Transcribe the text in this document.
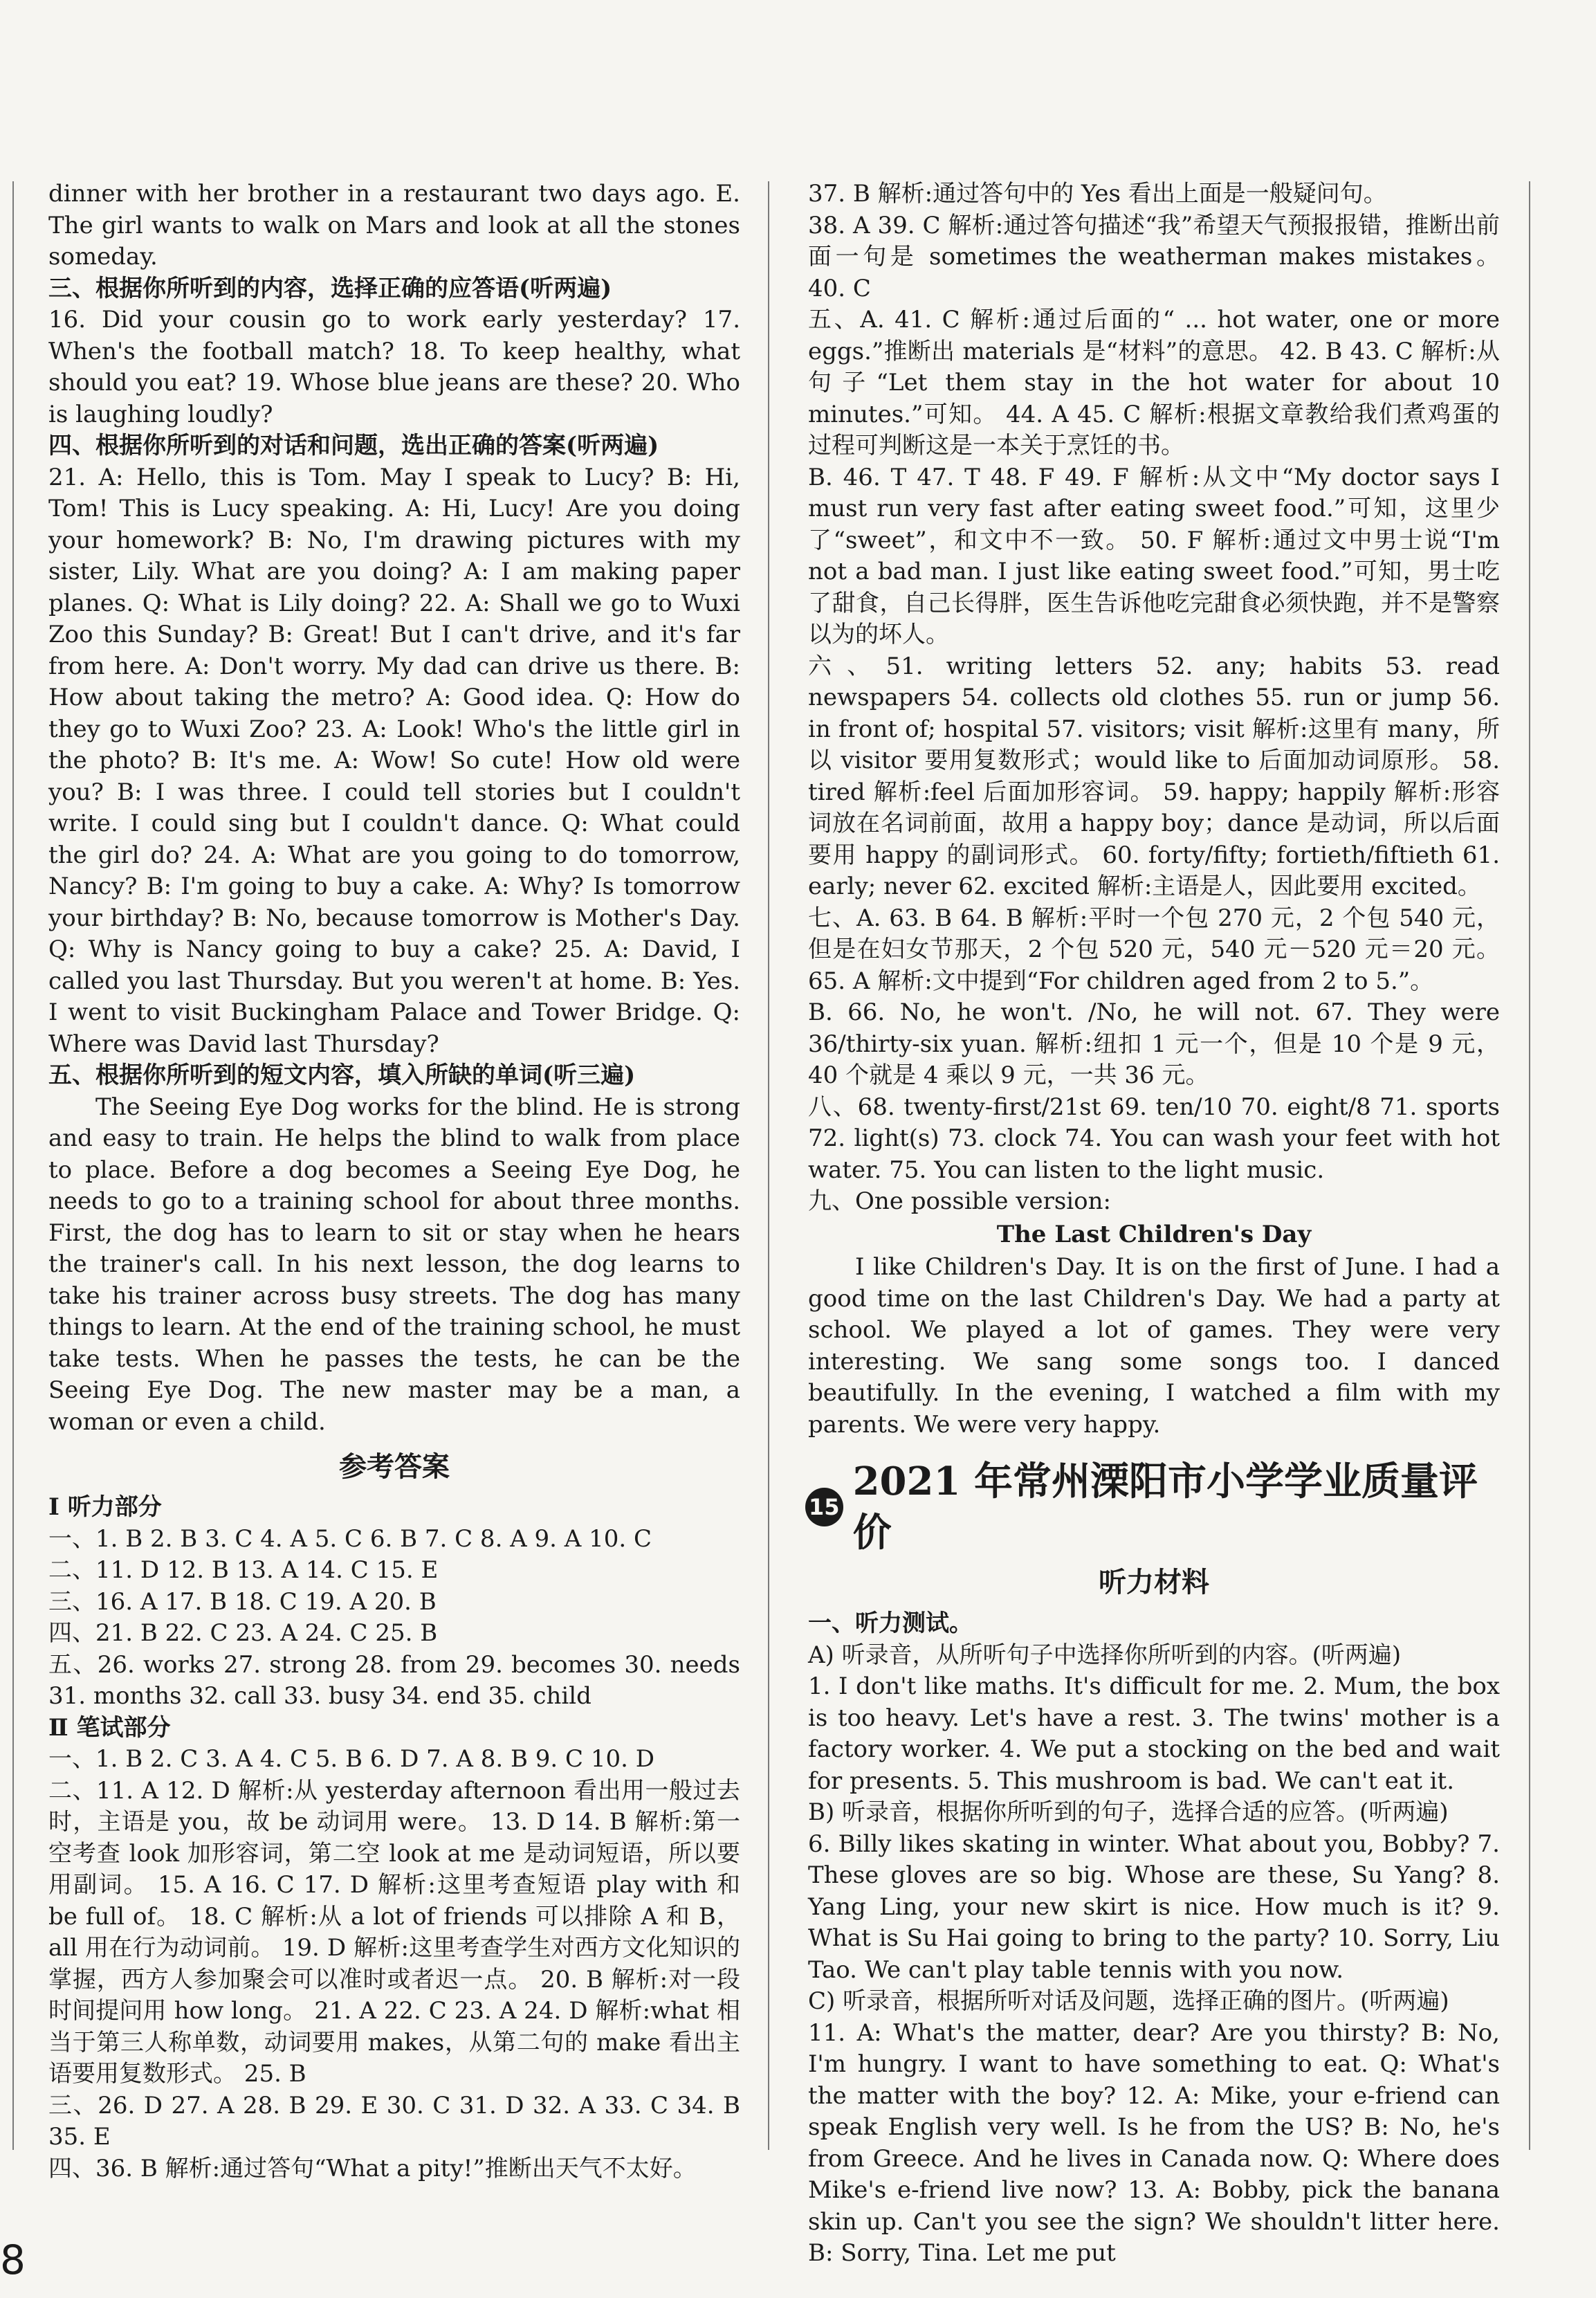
dinner with her brother in a restaurant two days ago. E. The girl wants to walk on Mars and look at all the stones someday.

三、根据你所听到的内容，选择正确的应答语(听两遍)

16. Did your cousin go to work early yesterday? 17. When's the football match? 18. To keep healthy, what should you eat? 19. Whose blue jeans are these? 20. Who is laughing loudly?

四、根据你所听到的对话和问题，选出正确的答案(听两遍)

21. A: Hello, this is Tom. May I speak to Lucy? B: Hi, Tom! This is Lucy speaking. A: Hi, Lucy! Are you doing your homework? B: No, I'm drawing pictures with my sister, Lily. What are you doing? A: I am making paper planes. Q: What is Lily doing? 22. A: Shall we go to Wuxi Zoo this Sunday? B: Great! But I can't drive, and it's far from here. A: Don't worry. My dad can drive us there. B: How about taking the metro? A: Good idea. Q: How do they go to Wuxi Zoo? 23. A: Look! Who's the little girl in the photo? B: It's me. A: Wow! So cute! How old were you? B: I was three. I could tell stories but I couldn't write. I could sing but I couldn't dance. Q: What could the girl do? 24. A: What are you going to do tomorrow, Nancy? B: I'm going to buy a cake. A: Why? Is tomorrow your birthday? B: No, because tomorrow is Mother's Day. Q: Why is Nancy going to buy a cake? 25. A: David, I called you last Thursday. But you weren't at home. B: Yes. I went to visit Buckingham Palace and Tower Bridge. Q: Where was David last Thursday?

五、根据你所听到的短文内容，填入所缺的单词(听三遍)

The Seeing Eye Dog works for the blind. He is strong and easy to train. He helps the blind to walk from place to place. Before a dog becomes a Seeing Eye Dog, he needs to go to a training school for about three months. First, the dog has to learn to sit or stay when he hears the trainer's call. In his next lesson, the dog learns to take his trainer across busy streets. The dog has many things to learn. At the end of the training school, he must take tests. When he passes the tests, he can be the Seeing Eye Dog. The new master may be a man, a woman or even a child.

参考答案

Ⅰ 听力部分

一、1. B 2. B 3. C 4. A 5. C 6. B 7. C 8. A 9. A 10. C

二、11. D 12. B 13. A 14. C 15. E

三、16. A 17. B 18. C 19. A 20. B

四、21. B 22. C 23. A 24. C 25. B

五、26. works 27. strong 28. from 29. becomes 30. needs 31. months 32. call 33. busy 34. end 35. child

Ⅱ 笔试部分

一、1. B 2. C 3. A 4. C 5. B 6. D 7. A 8. B 9. C 10. D

二、11. A 12. D 解析:从 yesterday afternoon 看出用一般过去时，主语是 you，故 be 动词用 were。 13. D 14. B 解析:第一空考查 look 加形容词，第二空 look at me 是动词短语，所以要用副词。 15. A 16. C 17. D 解析:这里考查短语 play with 和 be full of。 18. C 解析:从 a lot of friends 可以排除 A 和 B，all 用在行为动词前。 19. D 解析:这里考查学生对西方文化知识的掌握，西方人参加聚会可以准时或者迟一点。 20. B 解析:对一段时间提问用 how long。 21. A 22. C 23. A 24. D 解析:what 相当于第三人称单数，动词要用 makes，从第二句的 make 看出主语要用复数形式。 25. B

三、26. D 27. A 28. B 29. E 30. C 31. D 32. A 33. C 34. B 35. E

四、36. B 解析:通过答句“What a pity!”推断出天气不太好。

37. B 解析:通过答句中的 Yes 看出上面是一般疑问句。

38. A 39. C 解析:通过答句描述“我”希望天气预报报错，推断出前面一句是 sometimes the weatherman makes mistakes。 40. C

五、A. 41. C 解析:通过后面的“ ... hot water, one or more eggs.”推断出 materials 是“材料”的意思。 42. B 43. C 解析:从句子“Let them stay in the hot water for about 10 minutes.”可知。 44. A 45. C 解析:根据文章教给我们煮鸡蛋的过程可判断这是一本关于烹饪的书。

B. 46. T 47. T 48. F 49. F 解析:从文中“My doctor says I must run very fast after eating sweet food.”可知，这里少了“sweet”，和文中不一致。 50. F 解析:通过文中男士说“I'm not a bad man. I just like eating sweet food.”可知，男士吃了甜食，自己长得胖，医生告诉他吃完甜食必须快跑，并不是警察以为的坏人。

六、51. writing letters 52. any; habits 53. read newspapers 54. collects old clothes 55. run or jump 56. in front of; hospital 57. visitors; visit 解析:这里有 many，所以 visitor 要用复数形式；would like to 后面加动词原形。 58. tired 解析:feel 后面加形容词。 59. happy; happily 解析:形容词放在名词前面，故用 a happy boy；dance 是动词，所以后面要用 happy 的副词形式。 60. forty/fifty; fortieth/fiftieth 61. early; never 62. excited 解析:主语是人，因此要用 excited。

七、A. 63. B 64. B 解析:平时一个包 270 元，2 个包 540 元，但是在妇女节那天，2 个包 520 元，540 元－520 元＝20 元。 65. A 解析:文中提到“For children aged from 2 to 5.”。

B. 66. No, he won't. /No, he will not. 67. They were 36/thirty-six yuan. 解析:纽扣 1 元一个，但是 10 个是 9 元，40 个就是 4 乘以 9 元，一共 36 元。

八、68. twenty-first/21st 69. ten/10 70. eight/8 71. sports 72. light(s) 73. clock 74. You can wash your feet with hot water. 75. You can listen to the light music.

九、One possible version:

The Last Children's Day

I like Children's Day. It is on the first of June. I had a good time on the last Children's Day. We had a party at school. We played a lot of games. They were very interesting. We sang some songs too. I danced beautifully. In the evening, I watched a film with my parents. We were very happy.

15
2021 年常州溧阳市小学学业质量评价
听力材料

一、听力测试。

A) 听录音，从所听句子中选择你所听到的内容。(听两遍)

1. I don't like maths. It's difficult for me. 2. Mum, the box is too heavy. Let's have a rest. 3. The twins' mother is a factory worker. 4. We put a stocking on the bed and wait for presents. 5. This mushroom is bad. We can't eat it.

B) 听录音，根据你所听到的句子，选择合适的应答。(听两遍)

6. Billy likes skating in winter. What about you, Bobby? 7. These gloves are so big. Whose are these, Su Yang? 8. Yang Ling, your new skirt is nice. How much is it? 9. What is Su Hai going to bring to the party? 10. Sorry, Liu Tao. We can't play table tennis with you now.

C) 听录音，根据所听对话及问题，选择正确的图片。(听两遍)

11. A: What's the matter, dear? Are you thirsty? B: No, I'm hungry. I want to have something to eat. Q: What's the matter with the boy? 12. A: Mike, your e-friend can speak English very well. Is he from the US? B: No, he's from Greece. And he lives in Canada now. Q: Where does Mike's e-friend live now? 13. A: Bobby, pick the banana skin up. Can't you see the sign? We shouldn't litter here. B: Sorry, Tina. Let me put

8
